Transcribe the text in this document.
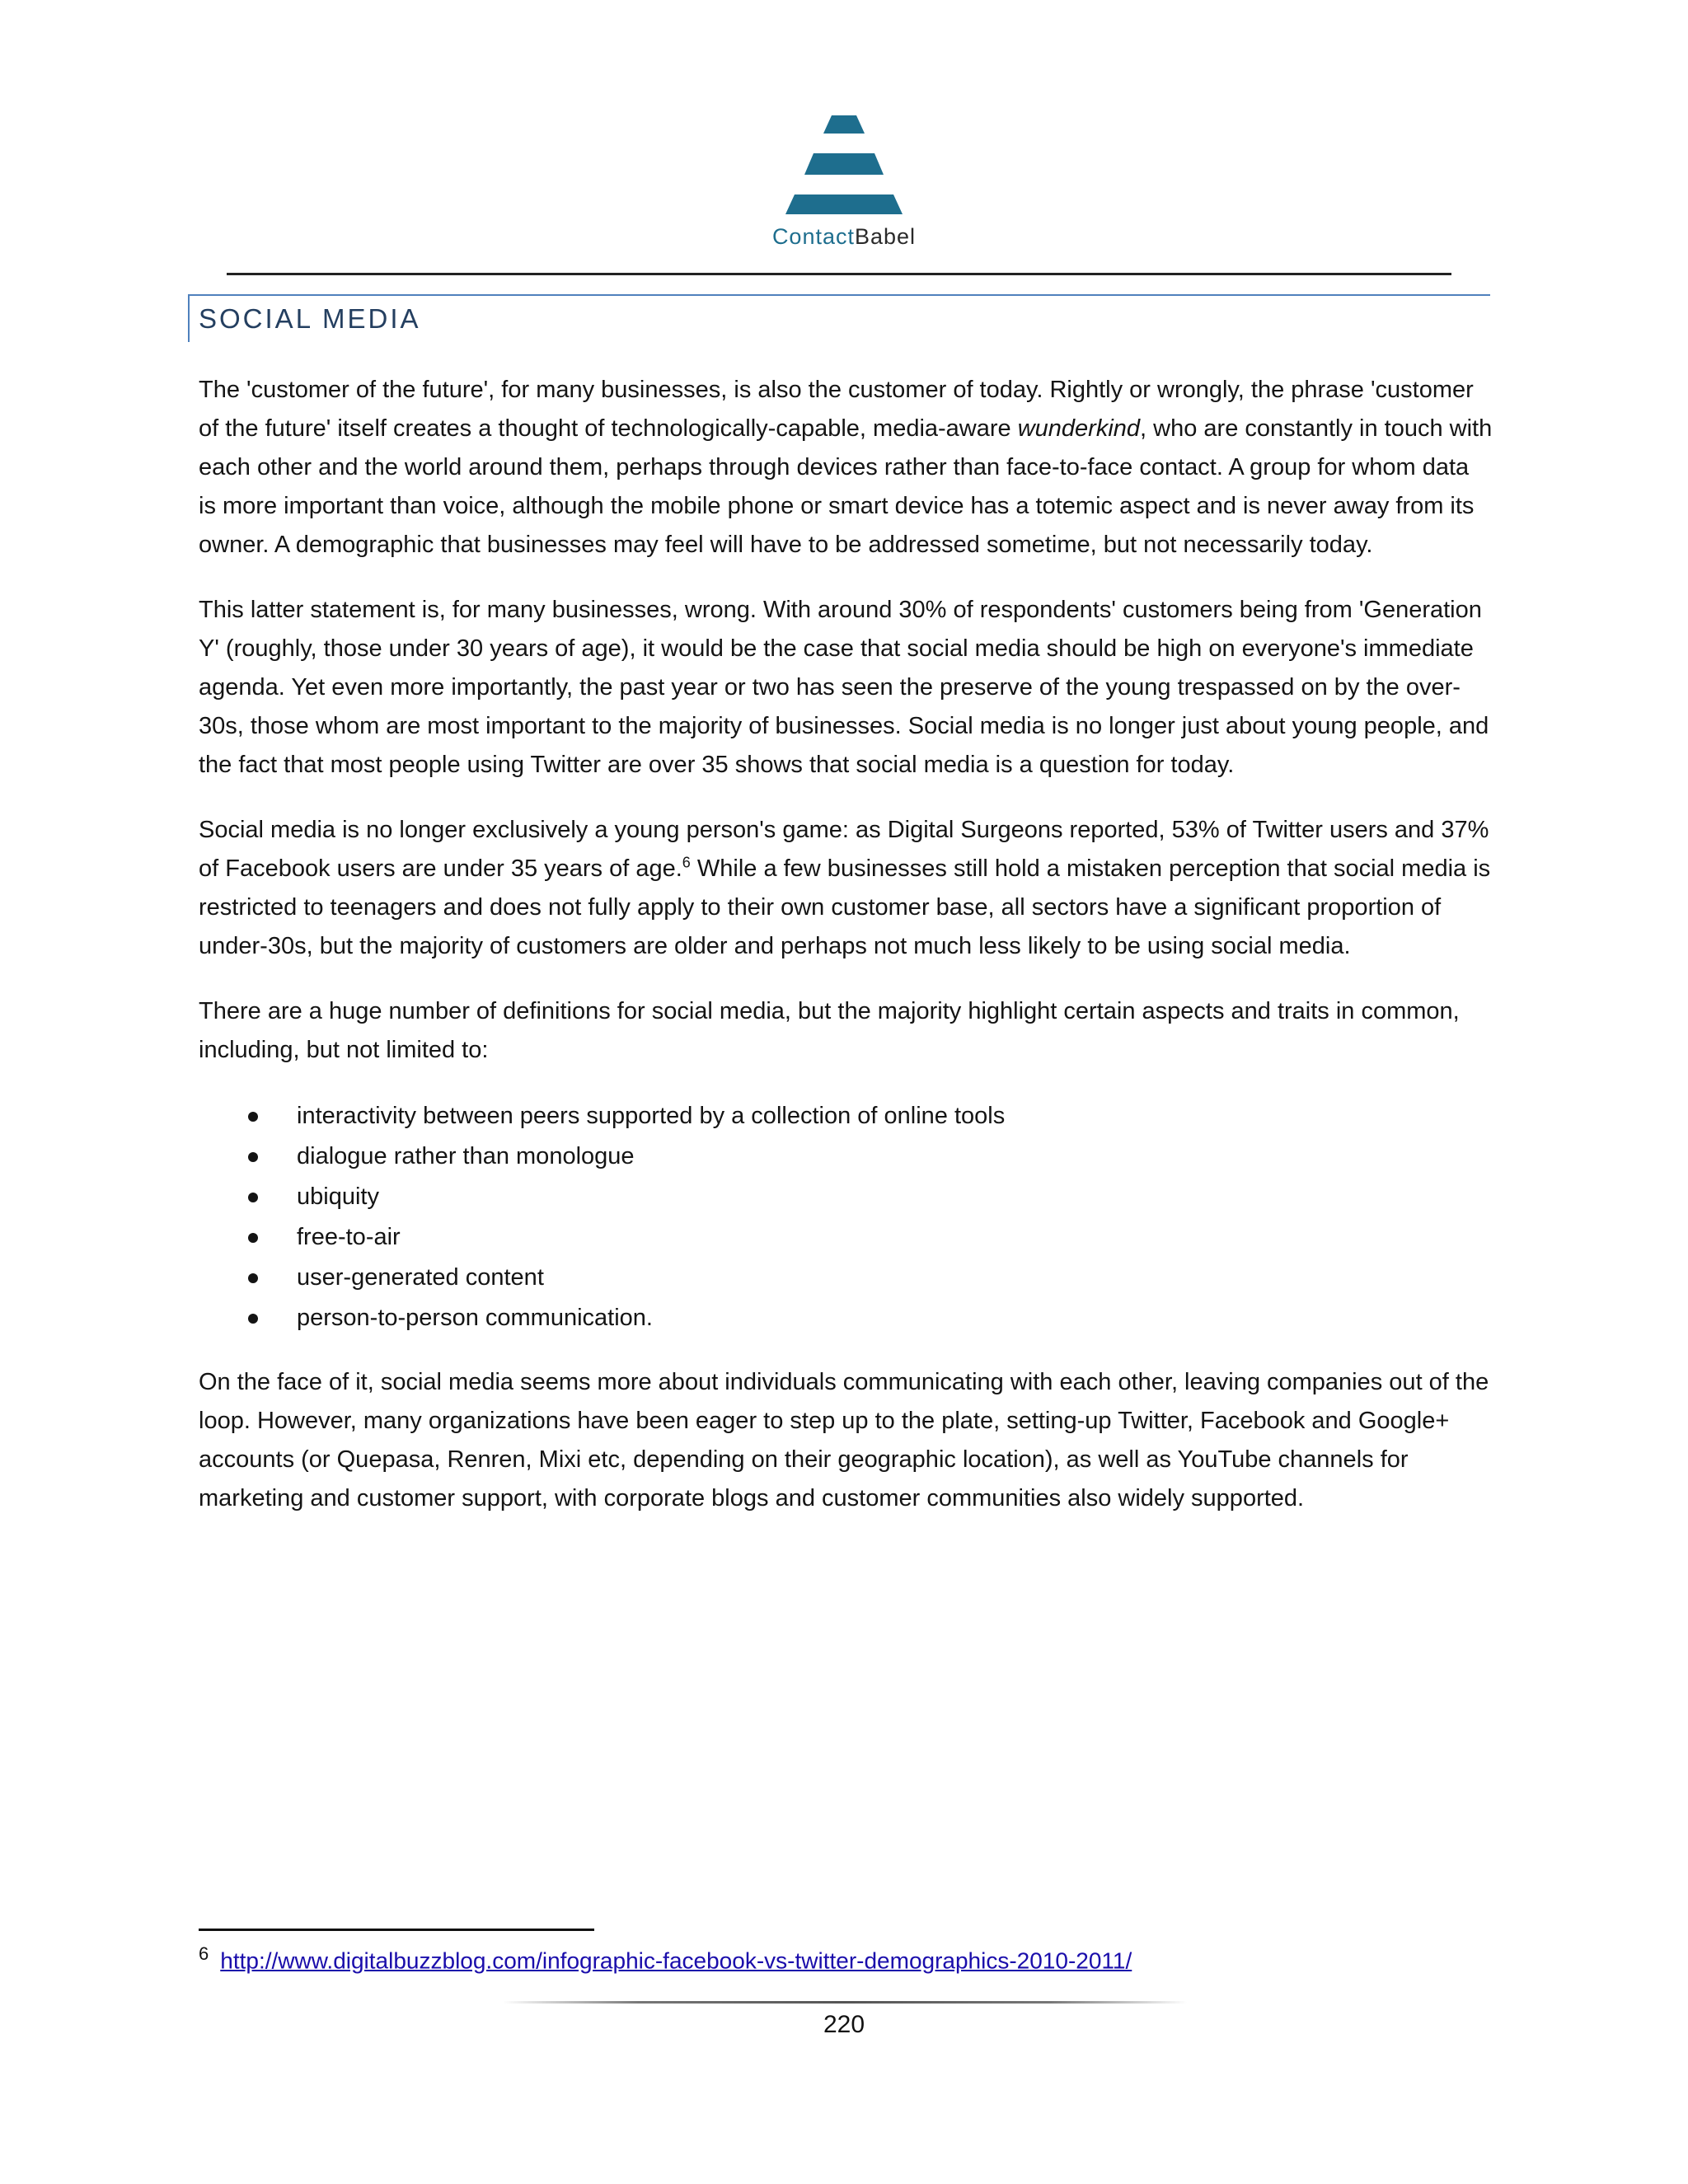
ContactBabel
SOCIAL MEDIA

The 'customer of the future', for many businesses, is also the customer of today. Rightly or wrongly, the phrase 'customer of the future' itself creates a thought of technologically-capable, media-aware wunderkind, who are constantly in touch with each other and the world around them, perhaps through devices rather than face-to-face contact. A group for whom data is more important than voice, although the mobile phone or smart device has a totemic aspect and is never away from its owner. A demographic that businesses may feel will have to be addressed sometime, but not necessarily today.

This latter statement is, for many businesses, wrong. With around 30% of respondents' customers being from 'Generation Y' (roughly, those under 30 years of age), it would be the case that social media should be high on everyone's immediate agenda. Yet even more importantly, the past year or two has seen the preserve of the young trespassed on by the over-30s, those whom are most important to the majority of businesses. Social media is no longer just about young people, and the fact that most people using Twitter are over 35 shows that social media is a question for today.

Social media is no longer exclusively a young person's game: as Digital Surgeons reported, 53% of Twitter users and 37% of Facebook users are under 35 years of age.$^6$ While a few businesses still hold a mistaken perception that social media is restricted to teenagers and does not fully apply to their own customer base, all sectors have a significant proportion of under-30s, but the majority of customers are older and perhaps not much less likely to be using social media.

There are a huge number of definitions for social media, but the majority highlight certain aspects and traits in common, including, but not limited to:

interactivity between peers supported by a collection of online tools
dialogue rather than monologue
ubiquity
free-to-air
user-generated content
person-to-person communication.

On the face of it, social media seems more about individuals communicating with each other, leaving companies out of the loop. However, many organizations have been eager to step up to the plate, setting-up Twitter, Facebook and Google+ accounts (or Quepasa, Renren, Mixi etc, depending on their geographic location), as well as YouTube channels for marketing and customer support, with corporate blogs and customer communities also widely supported.

$^6$ http://www.digitalbuzzblog.com/infographic-facebook-vs-twitter-demographics-2010-2011/
220
